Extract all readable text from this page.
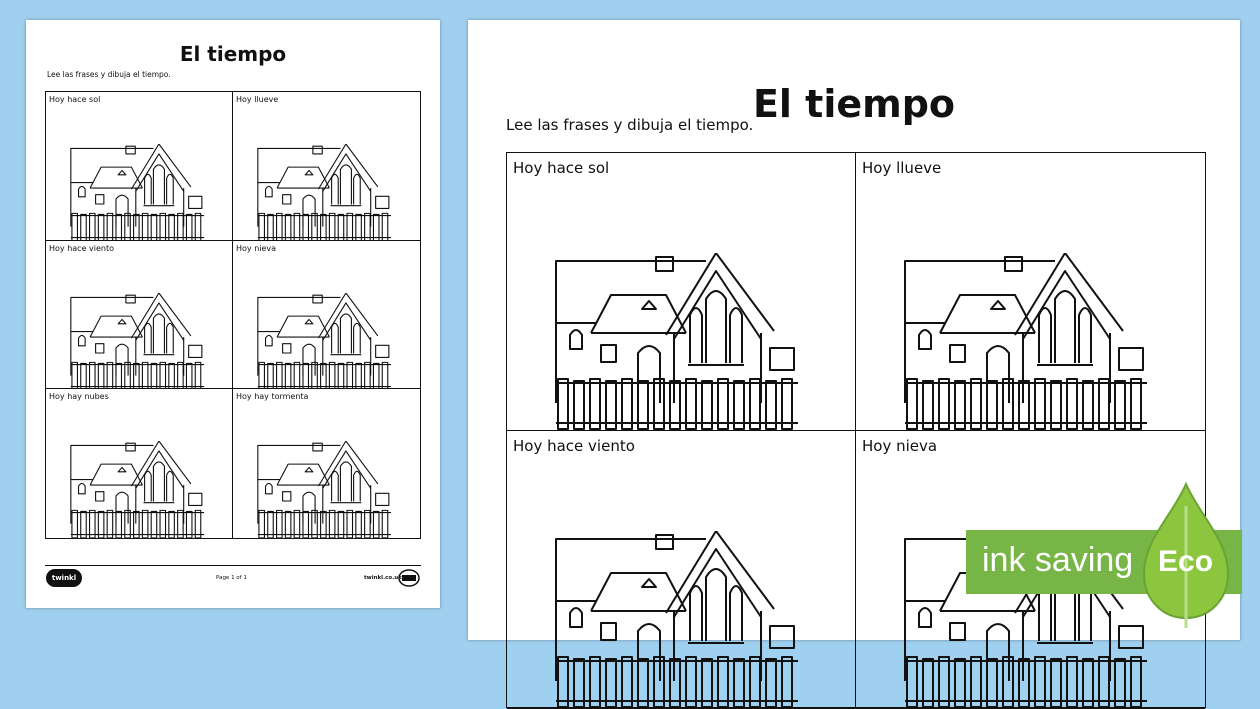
El tiempo

Lee las frases y dibuja el tiempo.

Hoy hace sol	Hoy llueve
Hoy hace viento	Hoy nieva
Hoy hay nubes	Hoy hay tormenta
twinkl	Page 1 of 1	twinkl.co.uk
El tiempo

Lee las frases y dibuja el tiempo.

Hoy hace sol	Hoy llueve
Hoy hace viento	Hoy nieva
ink saving Eco
